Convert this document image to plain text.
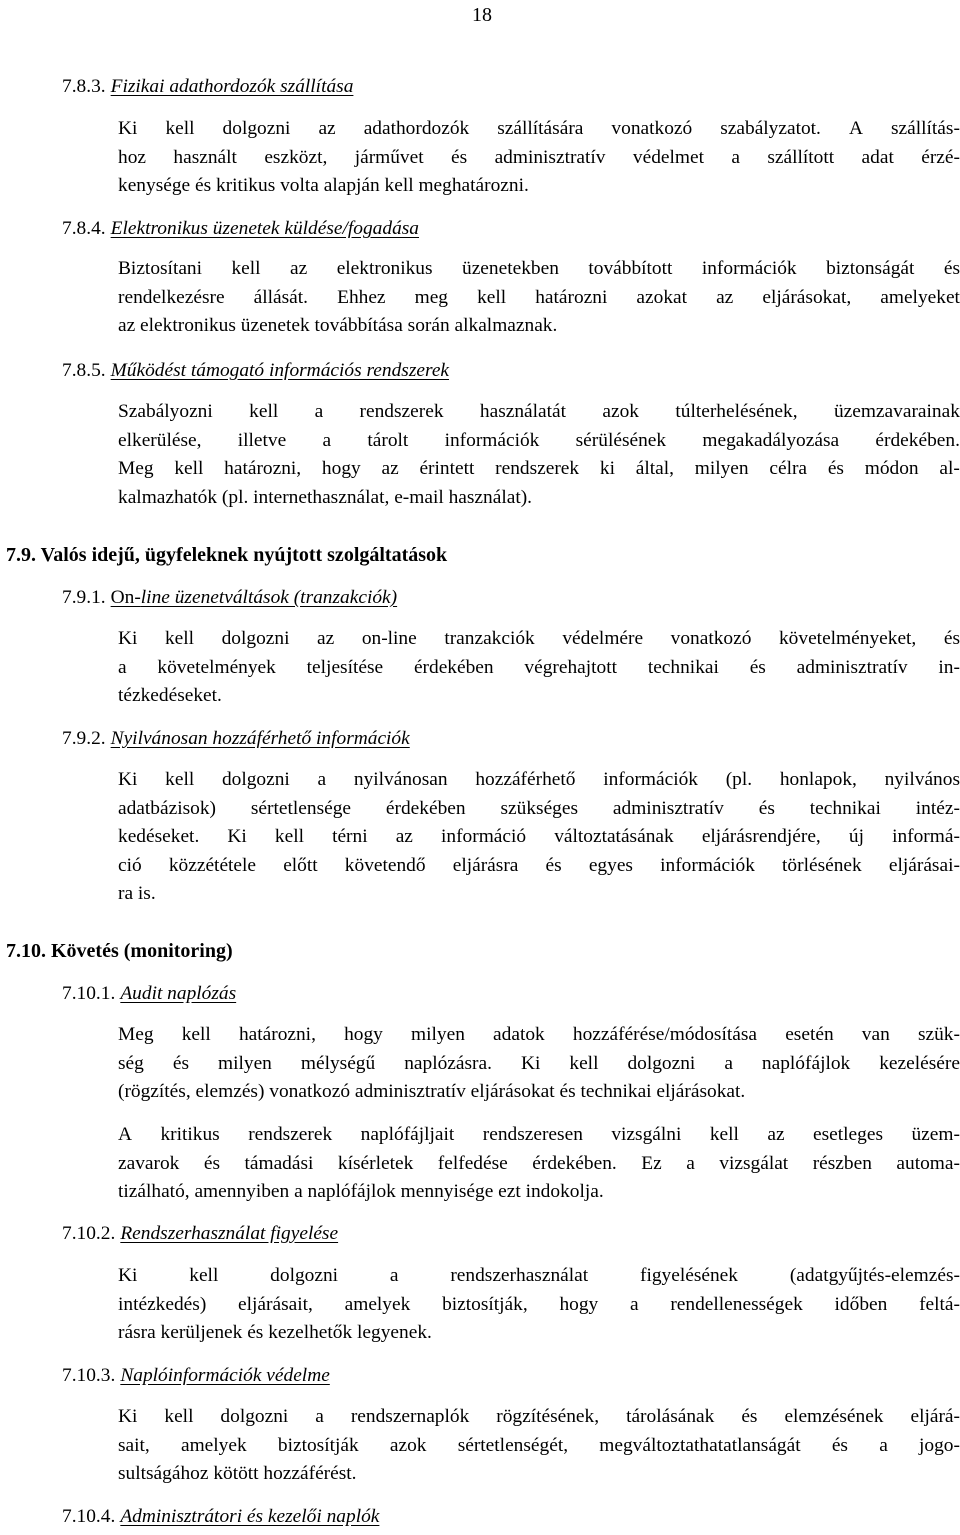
18
7.8.3. Fizikai adathordozók szállítása
Ki kell dolgozni az adathordozók szállítására vonatkozó szabályzatot. A szállítás-
hoz használt eszközt, járművet és adminisztratív védelmet a szállított adat érzé-
kenysége és kritikus volta alapján kell meghatározni.
7.8.4. Elektronikus üzenetek küldése/fogadása
Biztosítani kell az elektronikus üzenetekben továbbított információk biztonságát és
rendelkezésre állását. Ehhez meg kell határozni azokat az eljárásokat, amelyeket
az elektronikus üzenetek továbbítása során alkalmaznak.
7.8.5. Működést támogató információs rendszerek
Szabályozni kell a rendszerek használatát azok túlterhelésének, üzemzavarainak
elkerülése, illetve a tárolt információk sérülésének megakadályozása érdekében.
Meg kell határozni, hogy az érintett rendszerek ki által, milyen célra és módon al-
kalmazhatók (pl. internethasználat, e-mail használat).
7.9. Valós idejű, ügyfeleknek nyújtott szolgáltatások
7.9.1. On-line üzenetváltások (tranzakciók)
Ki kell dolgozni az on-line tranzakciók védelmére vonatkozó követelményeket, és
a követelmények teljesítése érdekében végrehajtott technikai és adminisztratív in-
tézkedéseket.
7.9.2. Nyilvánosan hozzáférhető információk
Ki kell dolgozni a nyilvánosan hozzáférhető információk (pl. honlapok, nyilvános
adatbázisok) sértetlensége érdekében szükséges adminisztratív és technikai intéz-
kedéseket. Ki kell térni az információ változtatásának eljárásrendjére, új informá-
ció közzététele előtt követendő eljárásra és egyes információk törlésének eljárásai-
ra is.
7.10. Követés (monitoring)
7.10.1. Audit naplózás
Meg kell határozni, hogy milyen adatok hozzáférése/módosítása esetén van szük-
ség és milyen mélységű naplózásra. Ki kell dolgozni a naplófájlok kezelésére
(rögzítés, elemzés) vonatkozó adminisztratív eljárásokat és technikai eljárásokat.
A kritikus rendszerek naplófájljait rendszeresen vizsgálni kell az esetleges üzem-
zavarok és támadási kísérletek felfedése érdekében. Ez a vizsgálat részben automa-
tizálható, amennyiben a naplófájlok mennyisége ezt indokolja.
7.10.2. Rendszerhasználat figyelése
Ki	kell	dolgozni	a	rendszerhasználat	figyelésének	(adatgyűjtés-elemzés-
intézkedés) eljárásait, amelyek biztosítják, hogy a rendellenességek időben feltá-
rásra kerüljenek és kezelhetők legyenek.
7.10.3. Naplóinformációk védelme
Ki kell dolgozni a rendszernaplók rögzítésének, tárolásának és elemzésének eljárá-
sait, amelyek biztosítják azok sértetlenségét, megváltoztathatatlanságát és a jogo-
sultságához kötött hozzáférést.
7.10.4. Adminisztrátori és kezelői naplók
